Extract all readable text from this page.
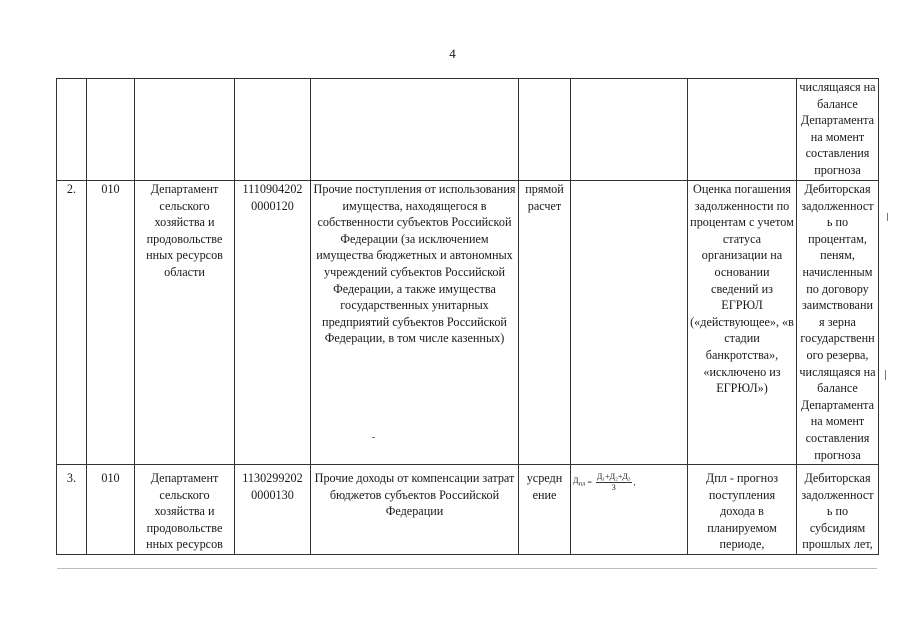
4
								числящаяся на балансе Департамента на момент составления прогноза
2.	010	Департамент сельского хозяйства и продовольстве нных ресурсов области	1110904202 0000120	Прочие поступления от использования имущества, находящегося в собственности субъектов Российской Федерации (за исключением имущества бюджетных и автономных учреждений субъектов Российской Федерации, а также имущества государственных унитарных предприятий субъектов Российской Федерации, в том числе казенных)	прямой расчет		Оценка погашения задолженности по процентам с учетом статуса организации на основании сведений из ЕГРЮЛ («действующее», «в стадии банкротства», «исключено из ЕГРЮЛ»)	Дебиторская задолженност ь по процентам, пеням, начисленным по договору заимствовани я зерна государственн ого резерва, числящаяся на балансе Департамента на момент составления прогноза
3.	010	Департамент сельского хозяйства и продовольстве нных ресурсов	1130299202 0000130	Прочие доходы от компенсации затрат бюджетов субъектов Российской Федерации	усредн ение	$Д_{пл} = \frac{\text{Д₁+Д₂+Д₃}}{3}$ ,	Дпл - прогноз поступления дохода в планируемом периоде,	Дебиторская задолженност ь по субсидиям прошлых лет,
